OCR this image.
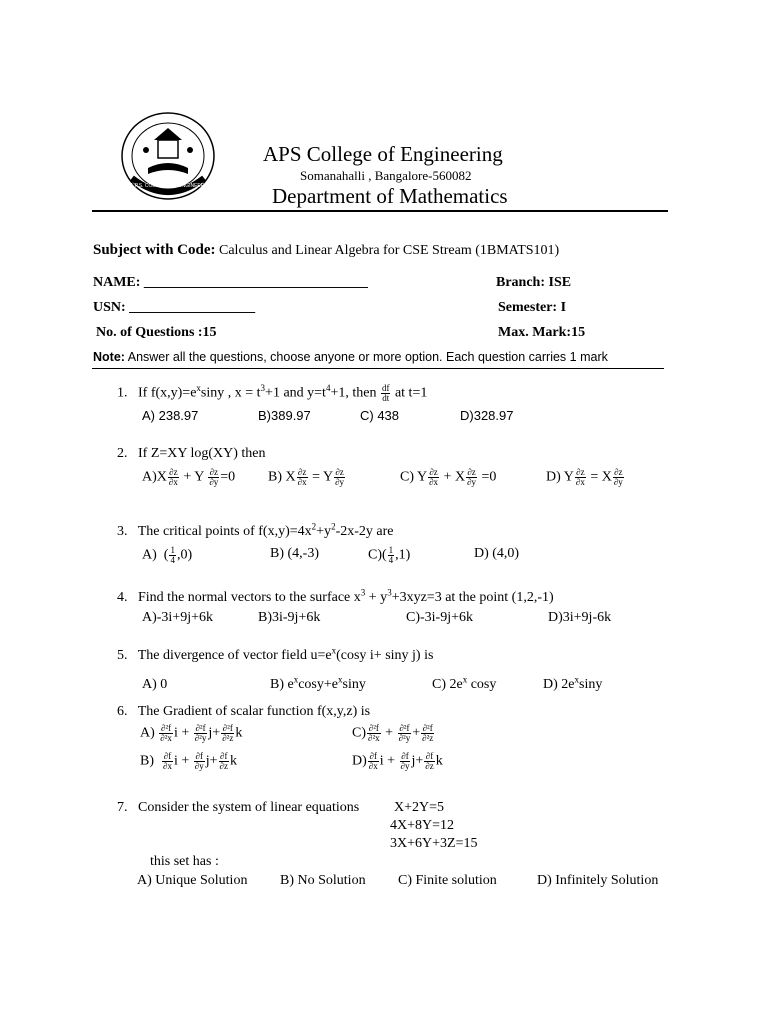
A.P.S. COLLEGE OF ENGINEERING
APS College of Engineering
Somanahalli , Bangalore-560082
Department of Mathematics
Subject with Code: Calculus and Linear Algebra for CSE Stream (1BMATS101)
NAME: ________________________________	Branch: ISE
USN: __________________	Semester: I
No. of Questions :15	Max. Mark:15
Note: Answer all the questions, choose anyone or more option. Each question carries 1 mark
1. If $f(x,y)=e^x\sin y$ , $x = t^3+1$ and $y=t^4+1$, then $\frac{df}{dt}$ at t=1
A) 238.97	B)389.97	C) 438	D)328.97
2. If Z=XY log(XY) then
$A)X \frac{\partial z}{\partial x} + Y \frac{\partial z}{\partial y} =0$ B) X $\frac{\partial z}{\partial x} = Y \frac{\partial z}{\partial y}$	C) Y $\frac{\partial z}{\partial x} + X \frac{\partial z}{\partial y} =0$	D) Y $\frac{\partial z}{\partial x} = X \frac{\partial z}{\partial y}$
3. The critical points of $f(x,y)=4x^2+y^2-2x-2y$ are
A)  ( $\frac{1}{4} ,0$)	B) (4,-3)	$C)( \frac{1}{4} ,1)$	D) (4,0)
4. Find the normal vectors to the surface $x^3 + y^3+3xyz=3$ at the point (1,2,-1)
A)-3i+9j+6k	B)3i-9j+6k	C)-3i-9j+6k	D)3i+9j-6k
5. The divergence of vector field $u=e^x(\cos y$ i+ siny j) is
A) 0	B) $e^x\cos y+e^x\sin y$	C) $2e^x$ cosy	D) $2e^x\sin y$
6. The Gradient of scalar function f(x,y,z) is
$A) \frac{\text{∂²f}}{\text{∂²x}}$ $i + \frac{\text{∂²f}}{\text{∂²y}} j+ \frac{\text{∂²f}}{\text{∂²z}}$ k	$C) \frac{\text{∂²f}}{\text{∂²x}} + \frac{\text{∂²f}}{\text{∂²y}} + \frac{\text{∂²f}}{\text{∂²z}}$
$B) \frac{\partial f}{\partial x}$ $i + \frac{\partial f}{\partial y} j+ \frac{\partial f}{\partial z}$ k	$D) \frac{\partial f}{\partial x}$ $i + \frac{\partial f}{\partial y} j+ \frac{\partial f}{\partial z}$ k
7. Consider the system of linear equations X+2Y=5
4X+8Y=12
3X+6Y+3Z=15
this set has :
A) Unique Solution B) No Solution C) Finite solution	D) Infinitely Solution
